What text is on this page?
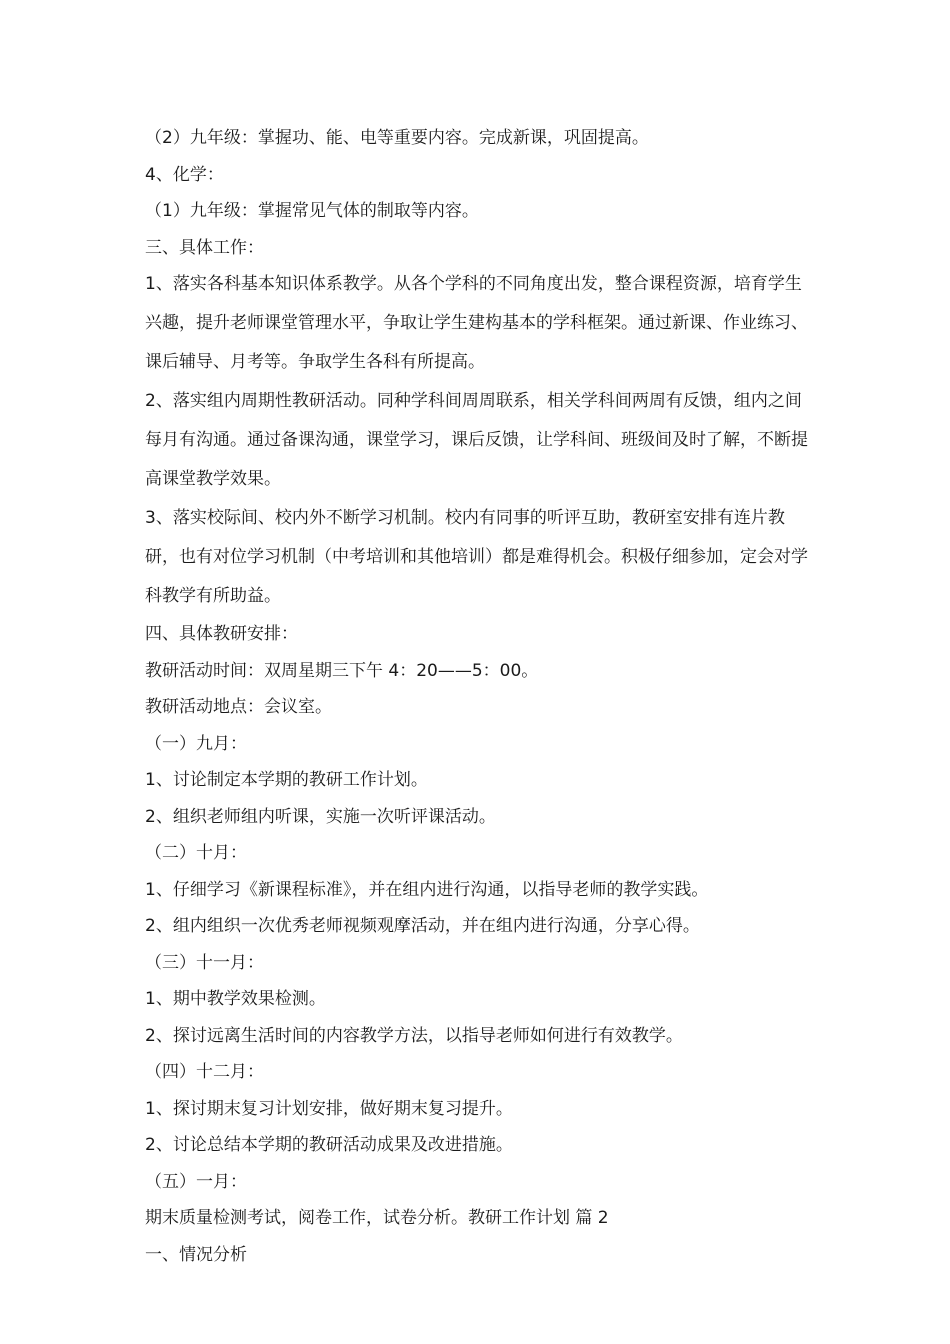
（2）九年级：掌握功、能、电等重要内容。完成新课，巩固提高。
4、化学：
（1）九年级：掌握常见气体的制取等内容。
三、具体工作：
1、落实各科基本知识体系教学。从各个学科的不同角度出发，整合课程资源，培育学生兴趣，提升老师课堂管理水平，争取让学生建构基本的学科框架。通过新课、作业练习、课后辅导、月考等。争取学生各科有所提高。
2、落实组内周期性教研活动。同种学科间周周联系，相关学科间两周有反馈，组内之间每月有沟通。通过备课沟通，课堂学习，课后反馈，让学科间、班级间及时了解，不断提高课堂教学效果。
3、落实校际间、校内外不断学习机制。校内有同事的听评互助，教研室安排有连片教研，也有对位学习机制（中考培训和其他培训）都是难得机会。积极仔细参加，定会对学科教学有所助益。
四、具体教研安排：
教研活动时间：双周星期三下午 4：20——5：00。
教研活动地点：会议室。
（一）九月：
1、讨论制定本学期的教研工作计划。
2、组织老师组内听课，实施一次听评课活动。
（二）十月：
1、仔细学习《新课程标准》，并在组内进行沟通，以指导老师的教学实践。
2、组内组织一次优秀老师视频观摩活动，并在组内进行沟通，分享心得。
（三）十一月：
1、期中教学效果检测。
2、探讨远离生活时间的内容教学方法，以指导老师如何进行有效教学。
（四）十二月：
1、探讨期末复习计划安排，做好期末复习提升。
2、讨论总结本学期的教研活动成果及改进措施。
（五）一月：
期末质量检测考试，阅卷工作，试卷分析。教研工作计划 篇 2
一、情况分析
